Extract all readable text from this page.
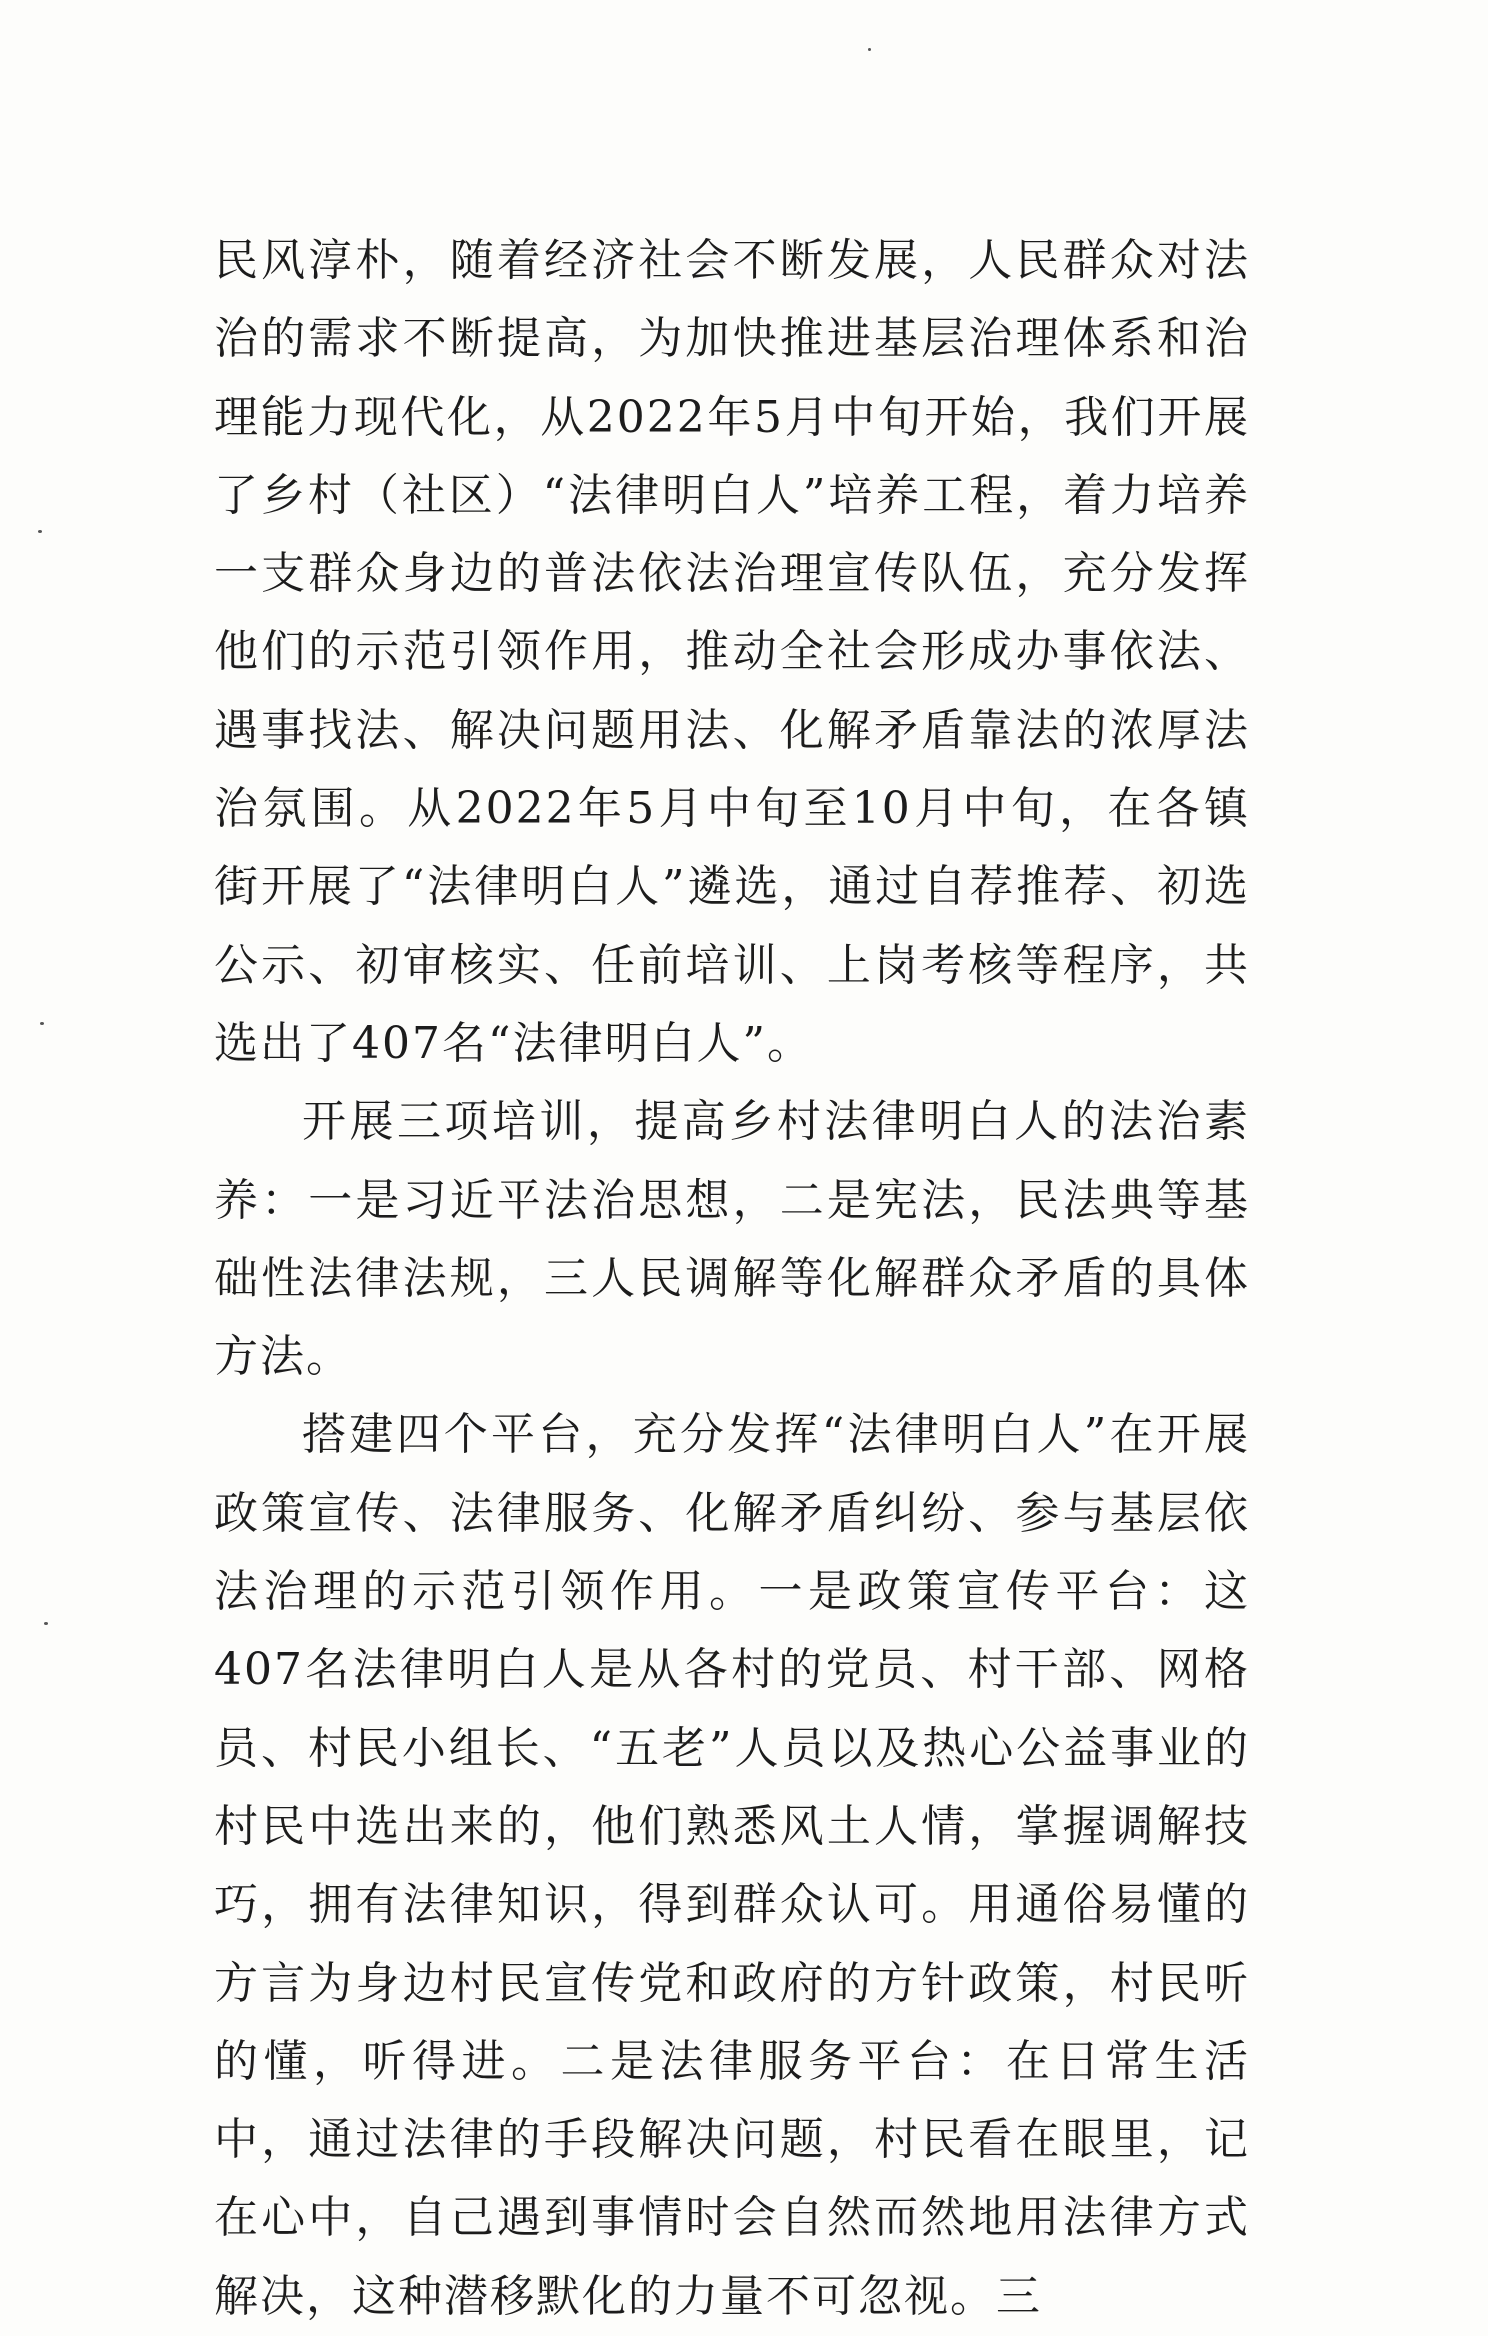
民风淳朴，随着经济社会不断发展，人民群众对法治的需求不断提高，为加快推进基层治理体系和治理能力现代化，从2022年5月中旬开始，我们开展了乡村（社区）“法律明白人”培养工程，着力培养一支群众身边的普法依法治理宣传队伍，充分发挥他们的示范引领作用，推动全社会形成办事依法、遇事找法、解决问题用法、化解矛盾靠法的浓厚法治氛围。从2022年5月中旬至10月中旬，在各镇街开展了“法律明白人”遴选，通过自荐推荐、初选公示、初审核实、任前培训、上岗考核等程序，共选出了407名“法律明白人”。

开展三项培训，提高乡村法律明白人的法治素养：一是习近平法治思想，二是宪法，民法典等基础性法律法规，三人民调解等化解群众矛盾的具体方法。

搭建四个平台，充分发挥“法律明白人”在开展政策宣传、法律服务、化解矛盾纠纷、参与基层依法治理的示范引领作用。一是政策宣传平台：这407名法律明白人是从各村的党员、村干部、网格员、村民小组长、“五老”人员以及热心公益事业的村民中选出来的，他们熟悉风土人情，掌握调解技巧，拥有法律知识，得到群众认可。用通俗易懂的方言为身边村民宣传党和政府的方针政策，村民听的懂，听得进。二是法律服务平台：在日常生活中，通过法律的手段解决问题，村民看在眼里，记在心中，自己遇到事情时会自然而然地用法律方式解决，这种潜移默化的力量不可忽视。三
